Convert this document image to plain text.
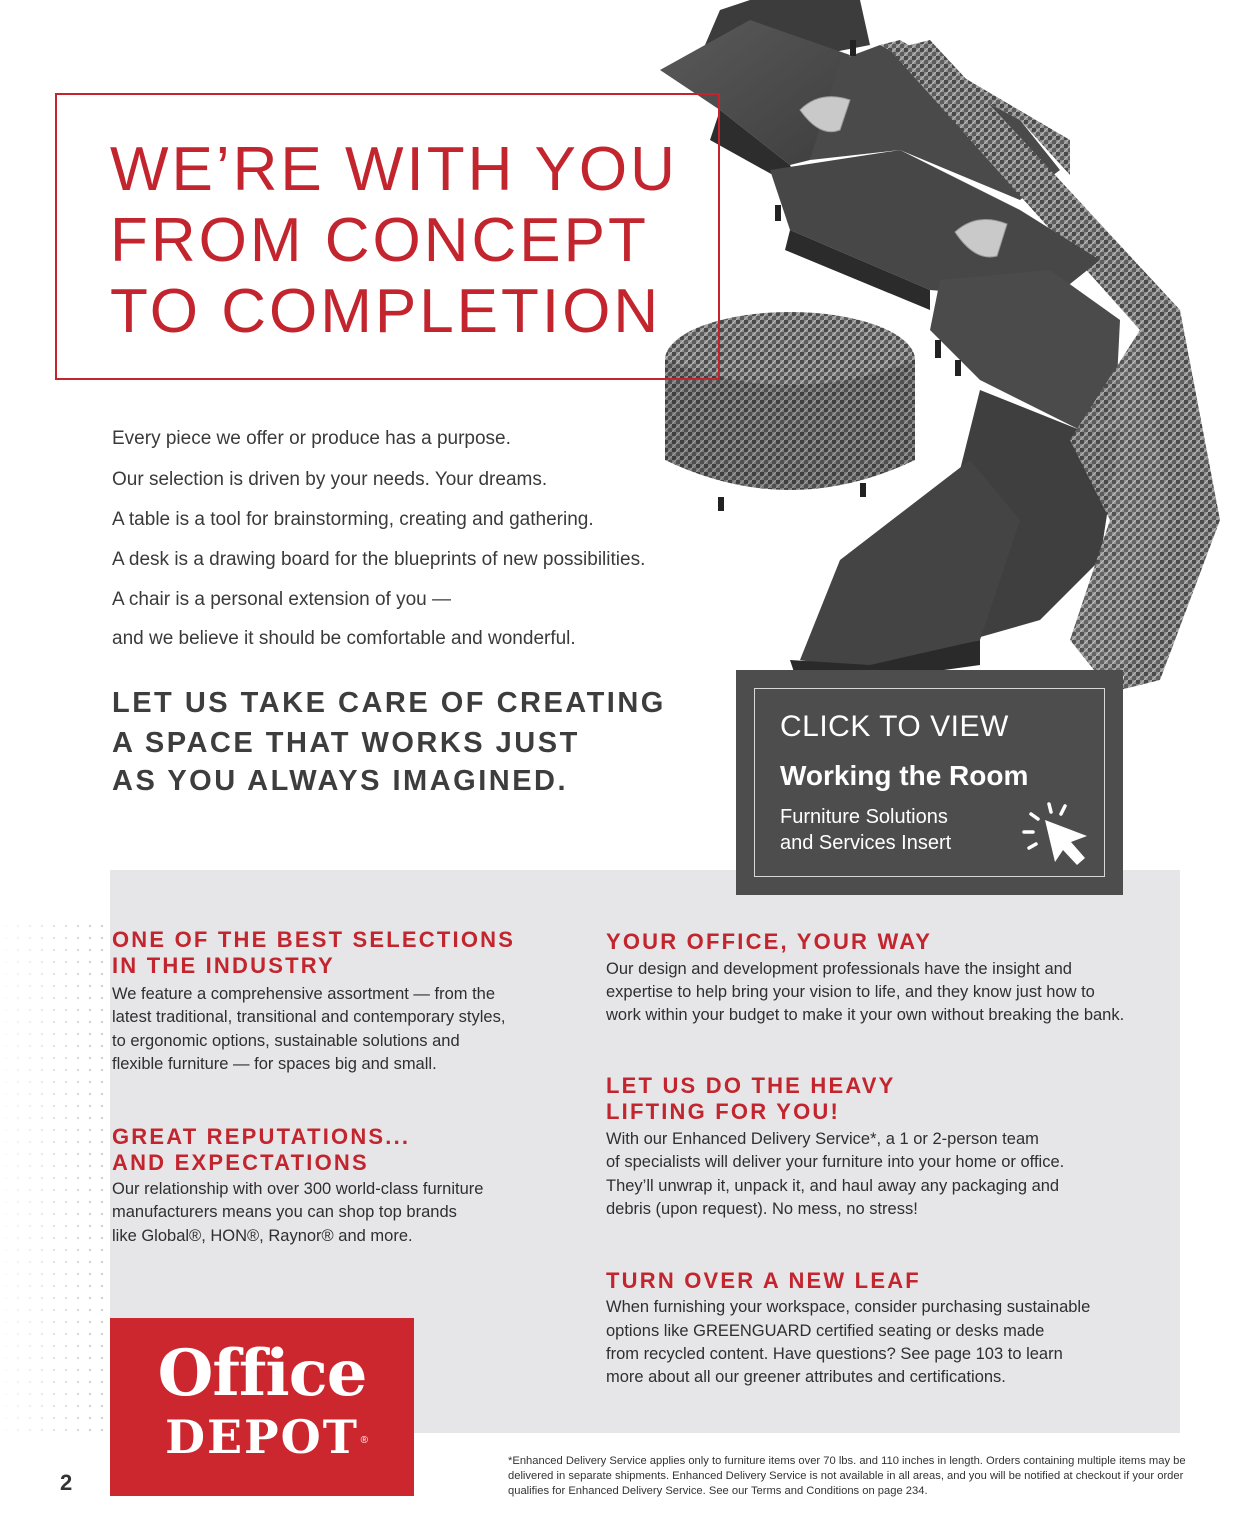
WE’RE WITH YOU
FROM CONCEPT
TO COMPLETION
Every piece we offer or produce has a purpose.
Our selection is driven by your needs. Your dreams.
A table is a tool for brainstorming, creating and gathering.
A desk is a drawing board for the blueprints of new possibilities.
A chair is a personal extension of you —
and we believe it should be comfortable and wonderful.
LET US TAKE CARE OF CREATING
A SPACE THAT WORKS JUST
AS YOU ALWAYS IMAGINED.
CLICK TO VIEW
Working the Room
Furniture Solutions
and Services Insert
ONE OF THE BEST SELECTIONS
IN THE INDUSTRY
We feature a comprehensive assortment — from the
latest traditional, transitional and contemporary styles,
to ergonomic options, sustainable solutions and
flexible furniture — for spaces big and small.
GREAT REPUTATIONS...
AND EXPECTATIONS
Our relationship with over 300 world-class furniture
manufacturers means you can shop top brands
like Global®, HON®, Raynor® and more.
YOUR OFFICE, YOUR WAY
Our design and development professionals have the insight and
expertise to help bring your vision to life, and they know just how to
work within your budget to make it your own without breaking the bank.
LET US DO THE HEAVY
LIFTING FOR YOU!
With our Enhanced Delivery Service*, a 1 or 2-person team
of specialists will deliver your furniture into your home or office.
They’ll unwrap it, unpack it, and haul away any packaging and
debris (upon request). No mess, no stress!
TURN OVER A NEW LEAF
When furnishing your workspace, consider purchasing sustainable
options like GREENGUARD certified seating or desks made
from recycled content. Have questions? See page 103 to learn
more about all our greener attributes and certifications.
Office
DEPOT ®
2
*Enhanced Delivery Service applies only to furniture items over 70 lbs. and 110 inches in length. Orders containing multiple items may be
delivered in separate shipments. Enhanced Delivery Service is not available in all areas, and you will be notified at checkout if your order
qualifies for Enhanced Delivery Service. See our Terms and Conditions on page 234.
